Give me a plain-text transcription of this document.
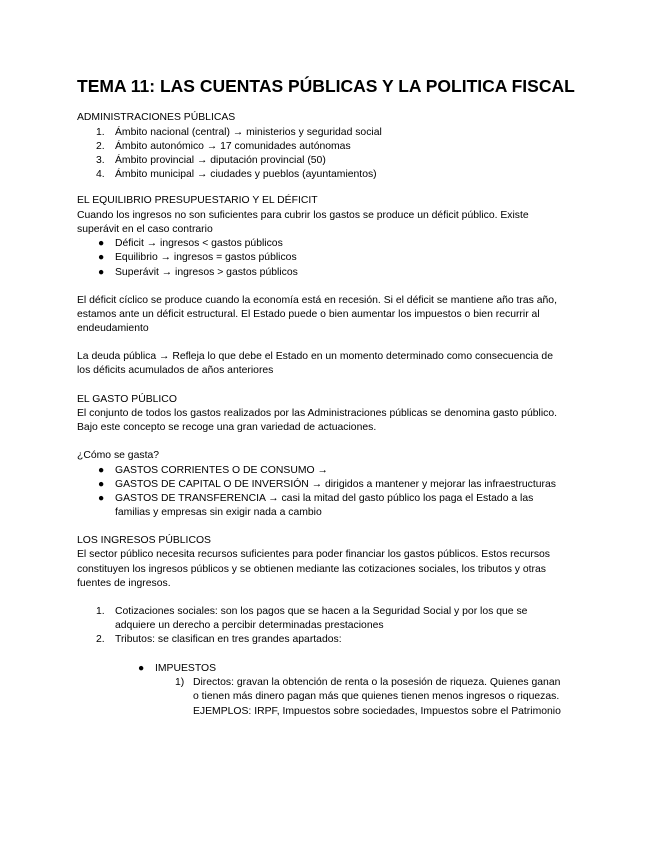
TEMA 11: LAS CUENTAS PÚBLICAS Y LA POLITICA FISCAL
ADMINISTRACIONES PÚBLICAS
1. Ámbito nacional (central) → ministerios y seguridad social
2. Ámbito autonómico → 17 comunidades autónomas
3. Ámbito provincial → diputación provincial (50)
4. Ámbito municipal → ciudades y pueblos (ayuntamientos)
EL EQUILIBRIO PRESUPUESTARIO Y EL DÉFICIT
Cuando los ingresos no son suficientes para cubrir los gastos se produce un déficit público. Existe
superávit en el caso contrario
● Déficit → ingresos < gastos públicos
● Equilibrio → ingresos = gastos públicos
● Superávit → ingresos > gastos públicos
El déficit cíclico se produce cuando la economía está en recesión. Si el déficit se mantiene año tras año,
estamos ante un déficit estructural. El Estado puede o bien aumentar los impuestos o bien recurrir al
endeudamiento
La deuda pública → Refleja lo que debe el Estado en un momento determinado como consecuencia de
los déficits acumulados de años anteriores
EL GASTO PÚBLICO
El conjunto de todos los gastos realizados por las Administraciones públicas se denomina gasto público.
Bajo este concepto se recoge una gran variedad de actuaciones.
¿Cómo se gasta?
● GASTOS CORRIENTES O DE CONSUMO →
● GASTOS DE CAPITAL O DE INVERSIÓN → dirigidos a mantener y mejorar las infraestructuras
● GASTOS DE TRANSFERENCIA → casi la mitad del gasto público los paga el Estado a las
familias y empresas sin exigir nada a cambio
LOS INGRESOS PÚBLICOS
El sector público necesita recursos suficientes para poder financiar los gastos públicos. Estos recursos
constituyen los ingresos públicos y se obtienen mediante las cotizaciones sociales, los tributos y otras
fuentes de ingresos.
1. Cotizaciones sociales: son los pagos que se hacen a la Seguridad Social y por los que se
adquiere un derecho a percibir determinadas prestaciones
2. Tributos: se clasifican en tres grandes apartados:
● IMPUESTOS
1) Directos: gravan la obtención de renta o la posesión de riqueza. Quienes ganan
o tienen más dinero pagan más que quienes tienen menos ingresos o riquezas.
EJEMPLOS: IRPF, Impuestos sobre sociedades, Impuestos sobre el Patrimonio
